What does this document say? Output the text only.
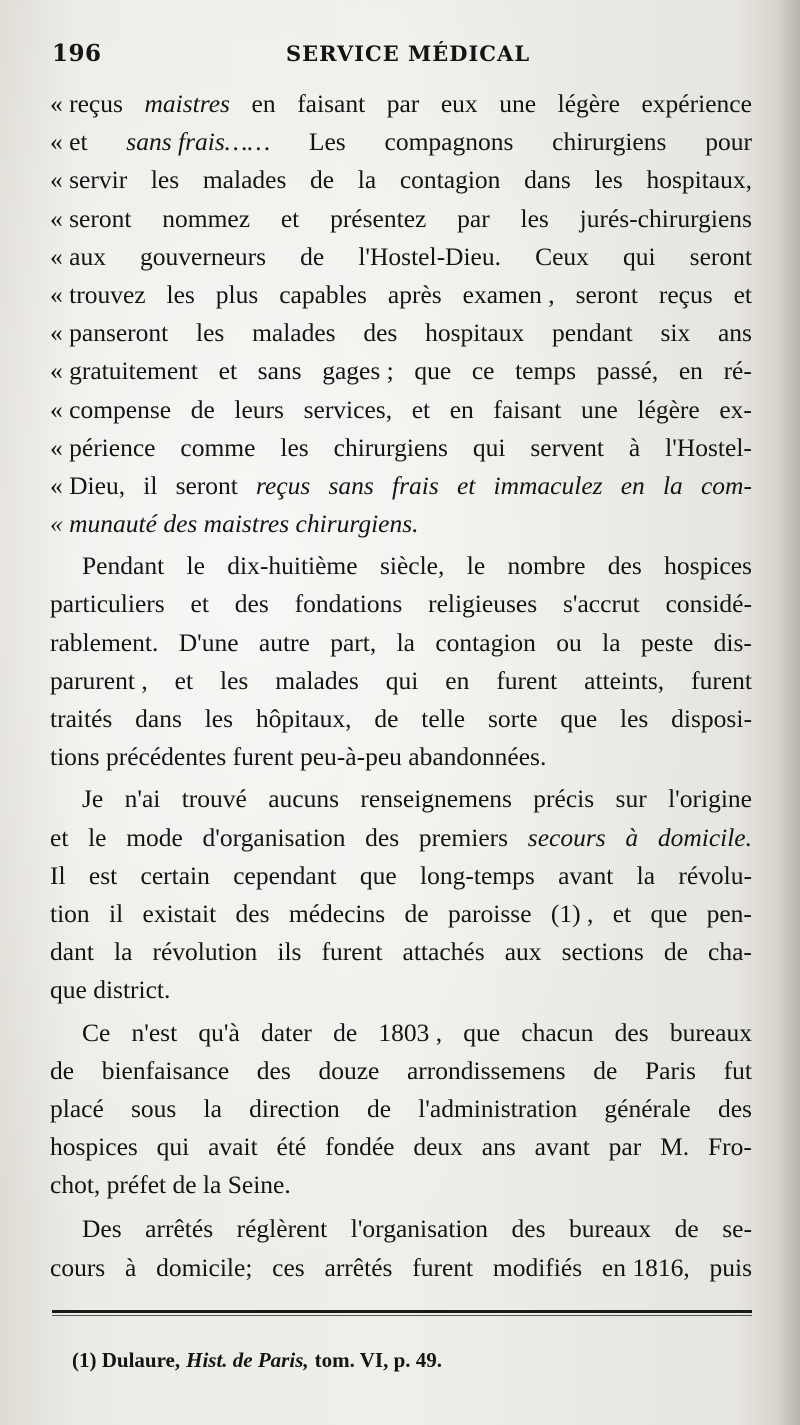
196	SERVICE MÉDICAL
« reçus maistres en faisant par eux une légère expérience
« et sans frais…… Les compagnons chirurgiens pour
« servir les malades de la contagion dans les hospitaux,
« seront nommez et présentez par les jurés-chirurgiens
« aux gouverneurs de l'Hostel-Dieu. Ceux qui seront
« trouvez les plus capables après examen , seront reçus et
« panseront les malades des hospitaux pendant six ans
« gratuitement et sans gages ; que ce temps passé, en ré-
« compense de leurs services, et en faisant une légère ex-
« périence comme les chirurgiens qui servent à l'Hostel-
« Dieu, il seront reçus sans frais et immaculez en la com-
« munauté des maistres chirurgiens.
Pendant le dix-huitième siècle, le nombre des hospices
particuliers et des fondations religieuses s'accrut considé-
rablement. D'une autre part, la contagion ou la peste dis-
parurent , et les malades qui en furent atteints, furent
traités dans les hôpitaux, de telle sorte que les disposi-
tions précédentes furent peu-à-peu abandonnées.
Je n'ai trouvé aucuns renseignemens précis sur l'origine
et le mode d'organisation des premiers secours à domicile.
Il est certain cependant que long-temps avant la révolu-
tion il existait des médecins de paroisse (1) , et que pen-
dant la révolution ils furent attachés aux sections de cha-
que district.
Ce n'est qu'à dater de 1803 , que chacun des bureaux
de bienfaisance des douze arrondissemens de Paris fut
placé sous la direction de l'administration générale des
hospices qui avait été fondée deux ans avant par M. Fro-
chot, préfet de la Seine.
Des arrêtés réglèrent l'organisation des bureaux de se-
cours à domicile; ces arrêtés furent modifiés en 1816, puis
(1) Dulaure, Hist. de Paris, tom. VI, p. 49.
